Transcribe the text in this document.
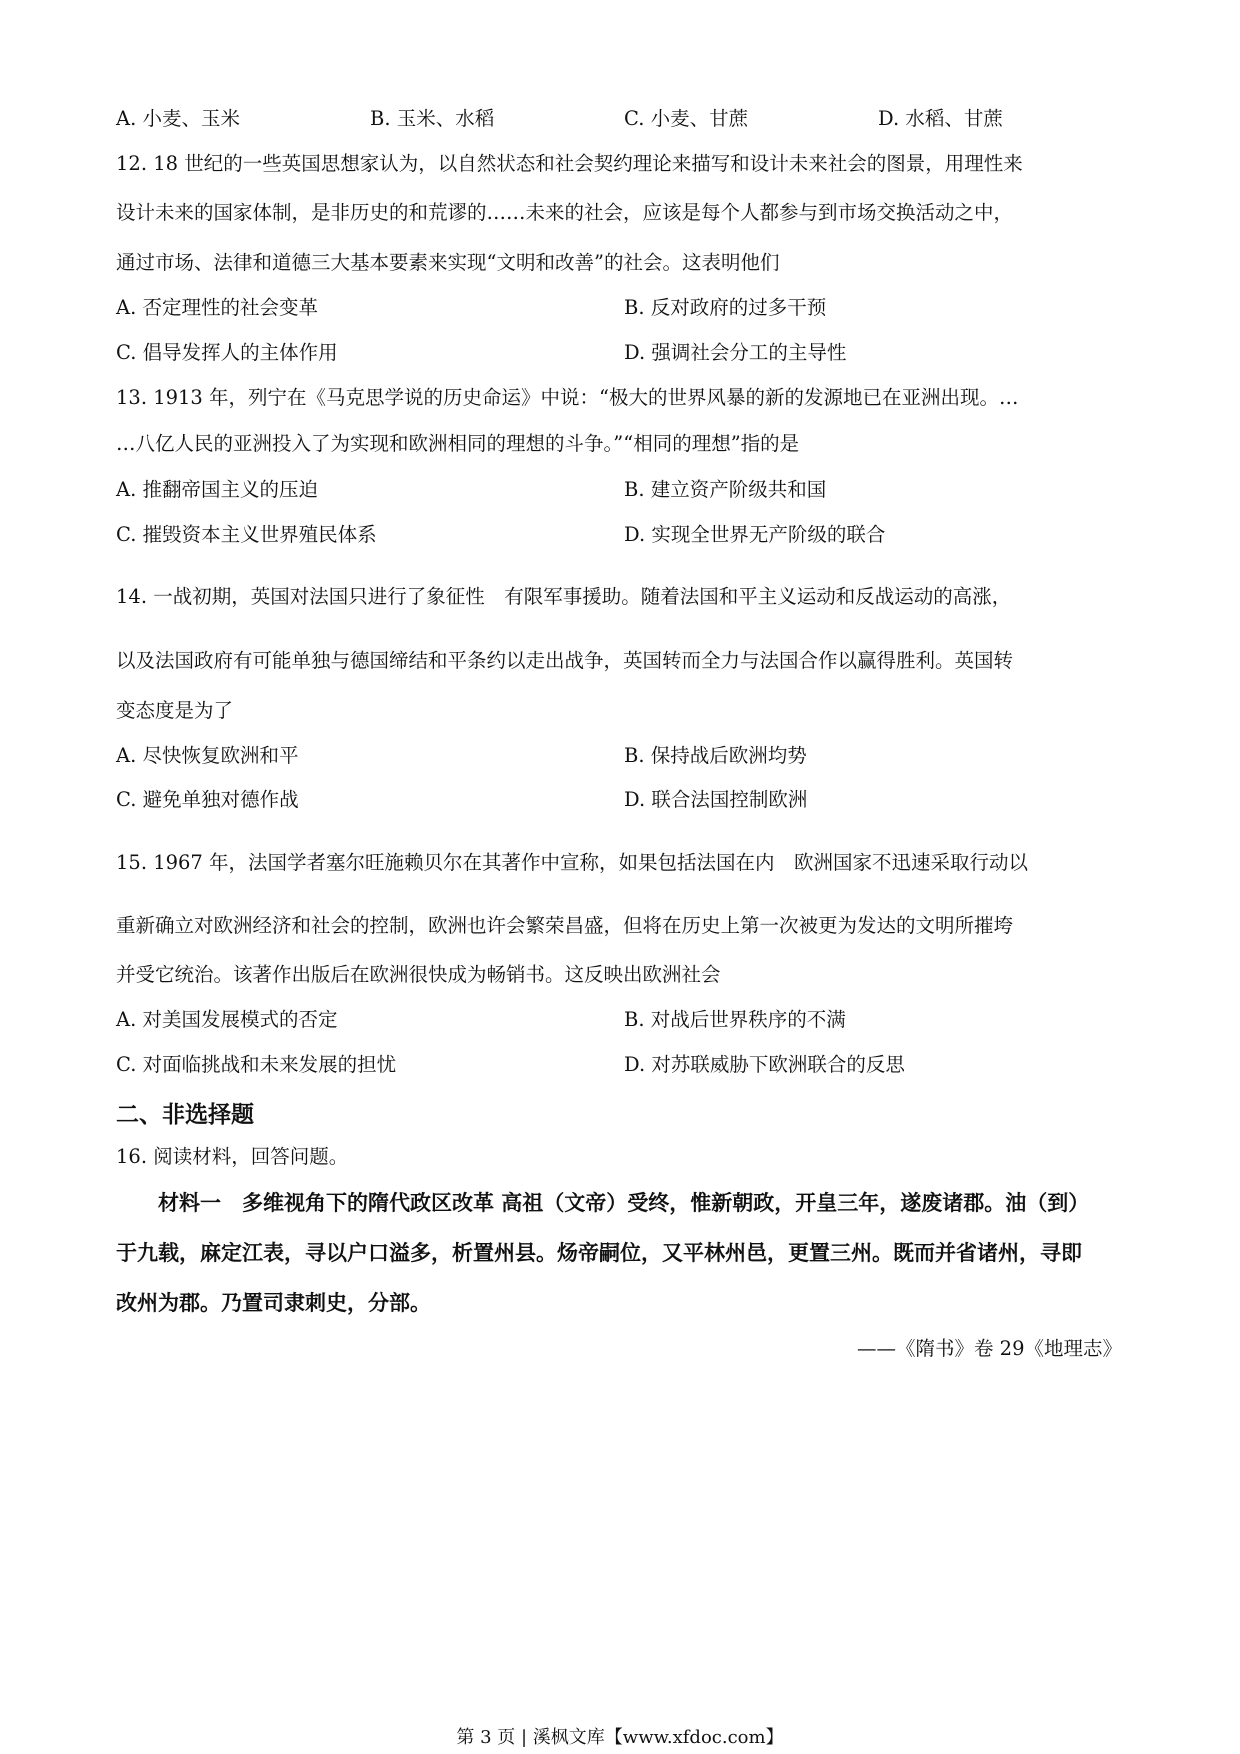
A. 小麦、玉米	B. 玉米、水稻	C. 小麦、甘蔗	D. 水稻、甘蔗
12. 18 世纪的一些英国思想家认为，以自然状态和社会契约理论来描写和设计未来社会的图景，用理性来
设计未来的国家体制，是非历史的和荒谬的……未来的社会，应该是每个人都参与到市场交换活动之中，
通过市场、法律和道德三大基本要素来实现“文明和改善”的社会。这表明他们
A. 否定理性的社会变革	B. 反对政府的过多干预
C. 倡导发挥人的主体作用	D. 强调社会分工的主导性
13. 1913 年，列宁在《马克思学说的历史命运》中说：“极大的世界风暴的新的发源地已在亚洲出现。…
…八亿人民的亚洲投入了为实现和欧洲相同的理想的斗争。”“相同的理想”指的是
A. 推翻帝国主义的压迫	B. 建立资产阶级共和国
C. 摧毁资本主义世界殖民体系	D. 实现全世界无产阶级的联合
14. 一战初期，英国对法国只进行了象征性　有限军事援助。随着法国和平主义运动和反战运动的高涨，
以及法国政府有可能单独与德国缔结和平条约以走出战争，英国转而全力与法国合作以赢得胜利。英国转
变态度是为了
A. 尽快恢复欧洲和平	B. 保持战后欧洲均势
C. 避免单独对德作战	D. 联合法国控制欧洲
15. 1967 年，法国学者塞尔旺施赖贝尔在其著作中宣称，如果包括法国在内　欧洲国家不迅速采取行动以
重新确立对欧洲经济和社会的控制，欧洲也许会繁荣昌盛，但将在历史上第一次被更为发达的文明所摧垮
并受它统治。该著作出版后在欧洲很快成为畅销书。这反映出欧洲社会
A. 对美国发展模式的否定	B. 对战后世界秩序的不满
C. 对面临挑战和未来发展的担忧	D. 对苏联威胁下欧洲联合的反思
二、非选择题
16. 阅读材料，回答问题。
　　材料一　多维视角下的隋代政区改革 高祖（文帝）受终，惟新朝政，开皇三年，遂废诸郡。油（到）
于九载，麻定江表，寻以户口溢多，析置州县。炀帝嗣位，又平林州邑，更置三州。既而并省诸州，寻即
改州为郡。乃置司隶刺史，分部。
——《隋书》卷 29《地理志》
第 3 页 | 溪枫文库【www.xfdoc.com】
